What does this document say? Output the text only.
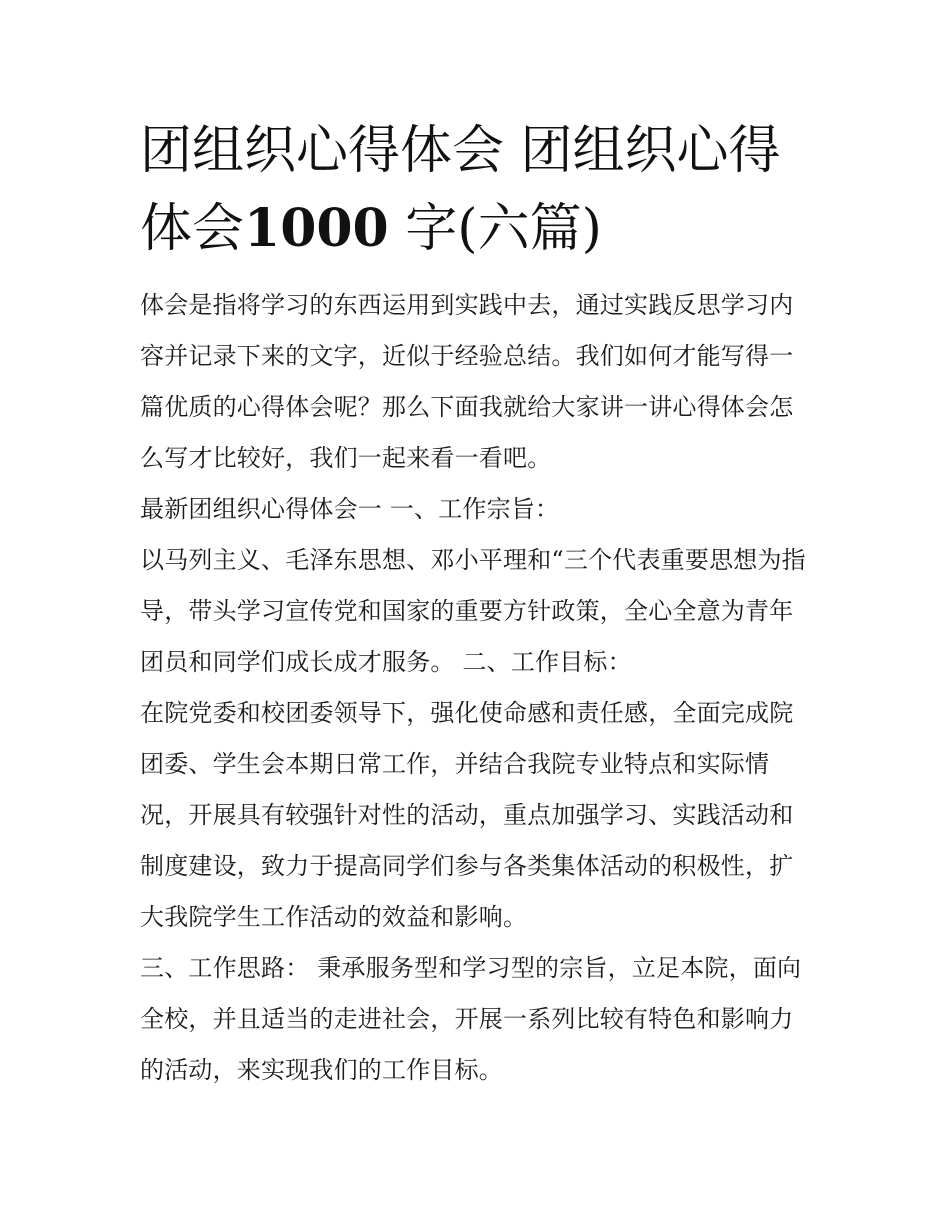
团组织心得体会 团组织心得体会1000 字(六篇)

体会是指将学习的东西运用到实践中去，通过实践反思学习内容并记录下来的文字，近似于经验总结。我们如何才能写得一篇优质的心得体会呢？那么下面我就给大家讲一讲心得体会怎么写才比较好，我们一起来看一看吧。

最新团组织心得体会一 一、工作宗旨：

以马列主义、毛泽东思想、邓小平理和“三个代表重要思想为指导，带头学习宣传党和国家的重要方针政策，全心全意为青年团员和同学们成长成才服务。 二、工作目标：

在院党委和校团委领导下，强化使命感和责任感，全面完成院团委、学生会本期日常工作，并结合我院专业特点和实际情况，开展具有较强针对性的活动，重点加强学习、实践活动和制度建设，致力于提高同学们参与各类集体活动的积极性，扩大我院学生工作活动的效益和影响。

三、工作思路： 秉承服务型和学习型的宗旨，立足本院，面向全校，并且适当的走进社会，开展一系列比较有特色和影响力的活动，来实现我们的工作目标。
